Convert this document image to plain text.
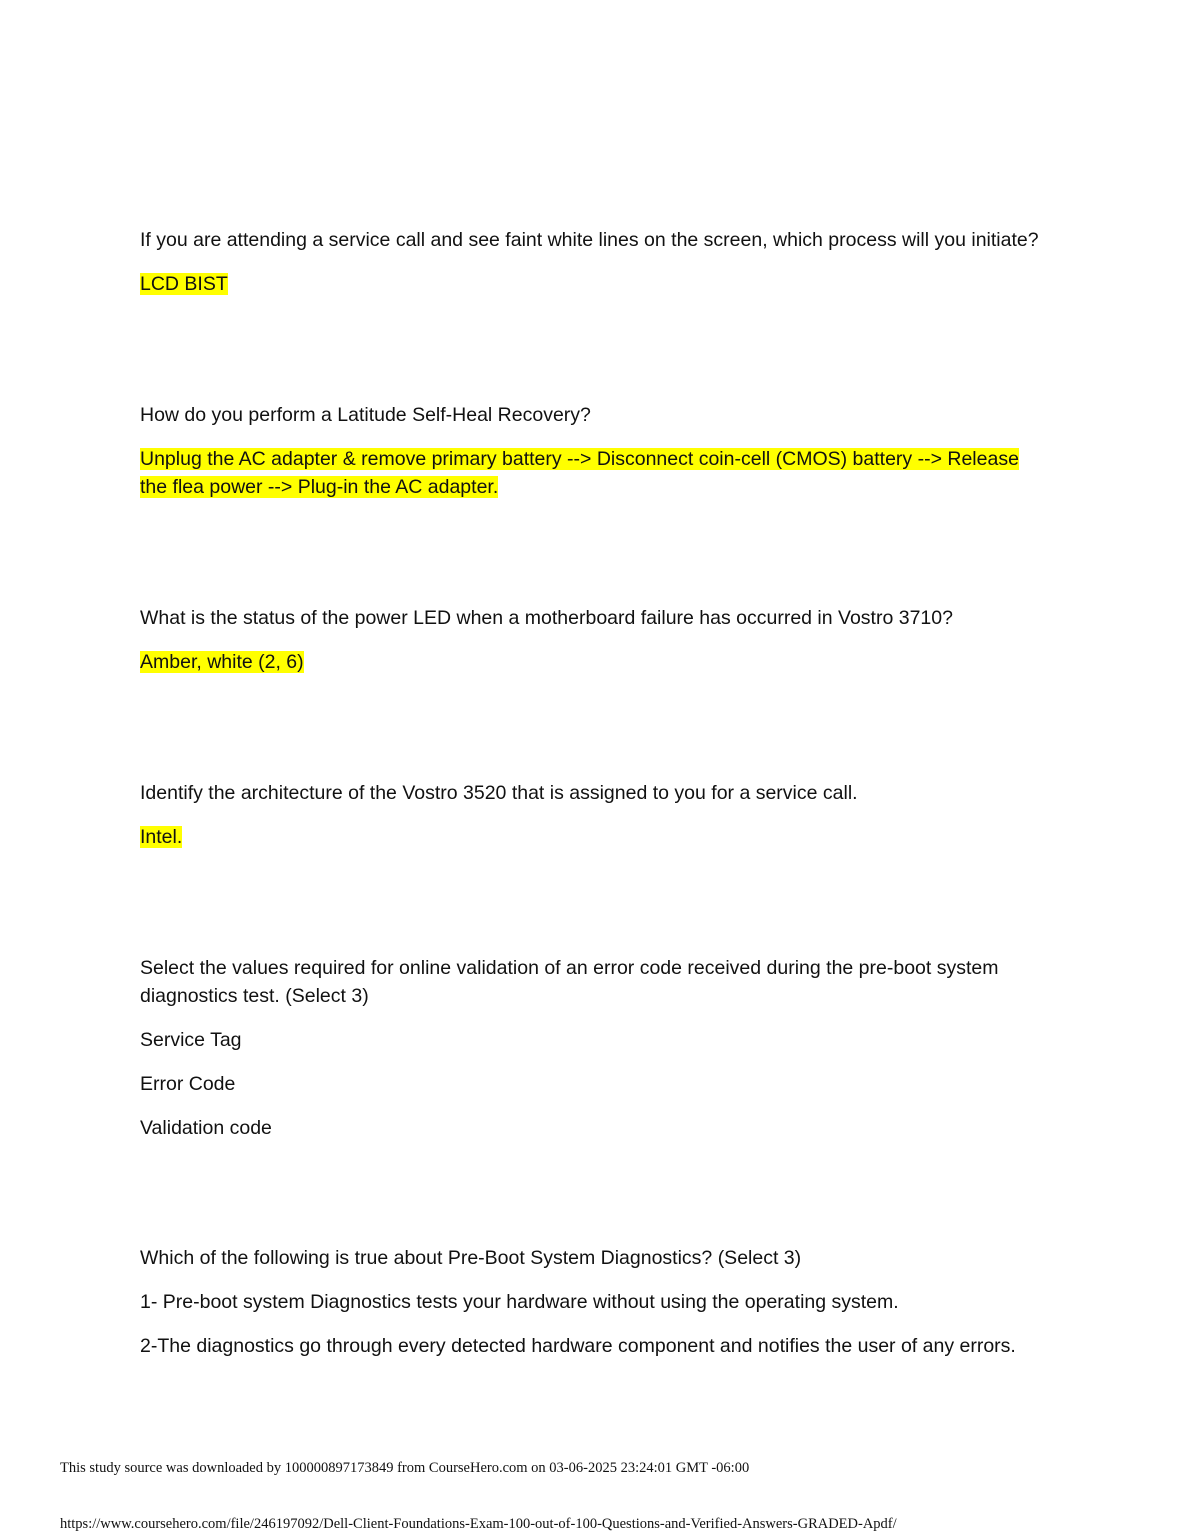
If you are attending a service call and see faint white lines on the screen, which process will you initiate?

LCD BIST

How do you perform a Latitude Self-Heal Recovery?

Unplug the AC adapter & remove primary battery --> Disconnect coin-cell (CMOS) battery --> Release the flea power --> Plug-in the AC adapter.

What is the status of the power LED when a motherboard failure has occurred in Vostro 3710?

Amber, white (2, 6)

Identify the architecture of the Vostro 3520 that is assigned to you for a service call.

Intel.

Select the values required for online validation of an error code received during the pre-boot system diagnostics test. (Select 3)

Service Tag

Error Code

Validation code

Which of the following is true about Pre-Boot System Diagnostics? (Select 3)

1- Pre-boot system Diagnostics tests your hardware without using the operating system.

2-The diagnostics go through every detected hardware component and notifies the user of any errors.

This study source was downloaded by 100000897173849 from CourseHero.com on 03-06-2025 23:24:01 GMT -06:00
https://www.coursehero.com/file/246197092/Dell-Client-Foundations-Exam-100-out-of-100-Questions-and-Verified-Answers-GRADED-Apdf/
